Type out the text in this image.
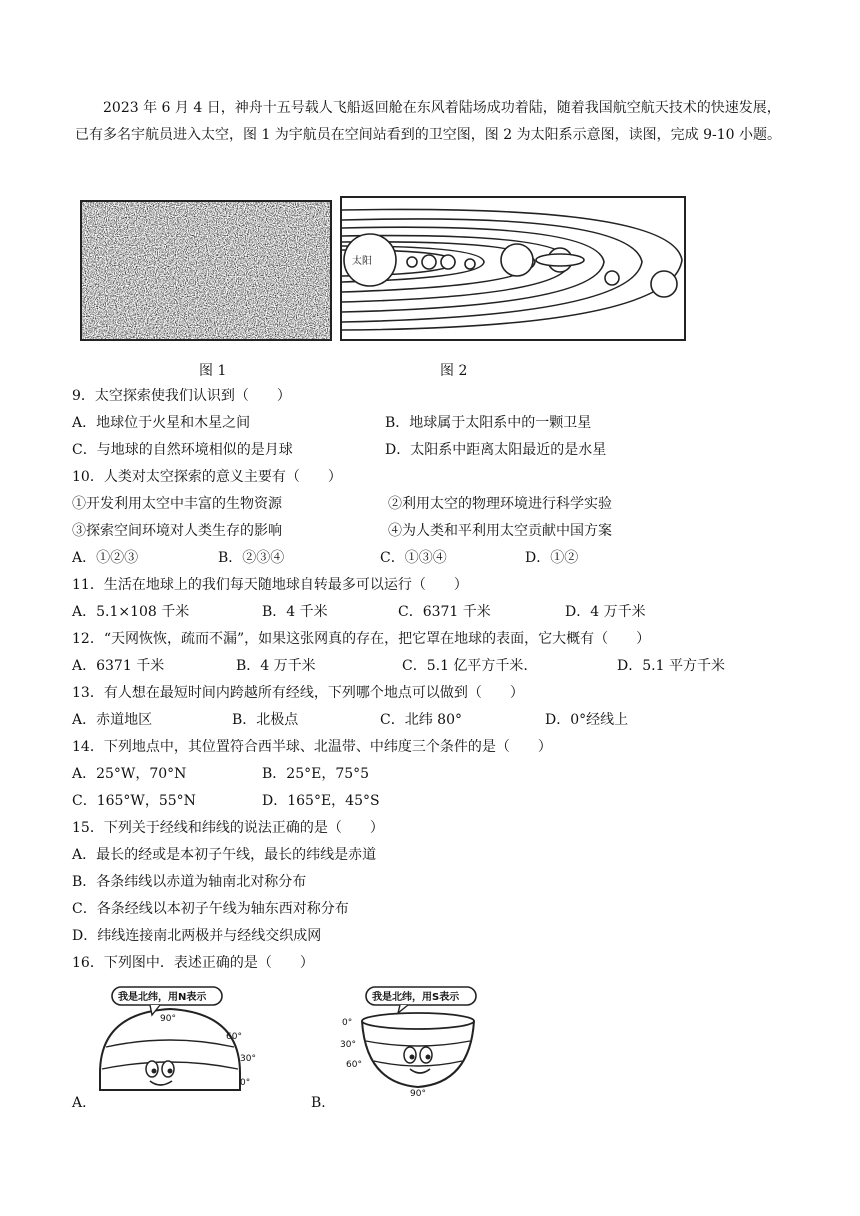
2023 年 6 月 4 日，神舟十五号载人飞船返回舱在东风着陆场成功着陆，随着我国航空航天技术的快速发展，已有多名宇航员进入太空，图 1 为宇航员在空间站看到的卫空图，图 2 为太阳系示意图，读图，完成 9-10 小题。
太阳
图 1	图 2
9．太空探索使我们认识到（　　）
A．地球位于火星和木星之间	B．地球属于太阳系中的一颗卫星
C．与地球的自然环境相似的是月球	D．太阳系中距离太阳最近的是水星
10．人类对太空探索的意义主要有（　　）
①开发利用太空中丰富的生物资源	②利用太空的物理环境进行科学实验
③探索空间环境对人类生存的影响	④为人类和平利用太空贡献中国方案
A．①②③	B．②③④	C．①③④	D．①②
11．生活在地球上的我们每天随地球自转最多可以运行（　　）
A．5.1×108 千米	B．4 千米	C．6371 千米	D．4 万千米
12．“天网恢恢，疏而不漏”，如果这张网真的存在，把它罩在地球的表面，它大概有（　　）
A．6371 千米	B．4 万千米	C．5.1 亿平方千米.	D．5.1 平方千米
13．有人想在最短时间内跨越所有经线，下列哪个地点可以做到（　　）
A．赤道地区	B．北极点	C．北纬 80°	D．0°经线上
14．下列地点中，其位置符合西半球、北温带、中纬度三个条件的是（　　）
A．25°W，70°N	B．25°E，75°5
C．165°W，55°N	D．165°E，45°S
15．下列关于经线和纬线的说法正确的是（　　）
A．最长的经或是本初子午线，最长的纬线是赤道
B．各条纬线以赤道为轴南北对称分布
C．各条经线以本初子午线为轴东西对称分布
D．纬线连接南北两极并与经线交织成网
16．下列图中．表述正确的是（　　）
A．	B．
我是北纬，用N表示
90°
60°
30°
0°
我是北纬，用S表示
0°
30°
60°
90°
